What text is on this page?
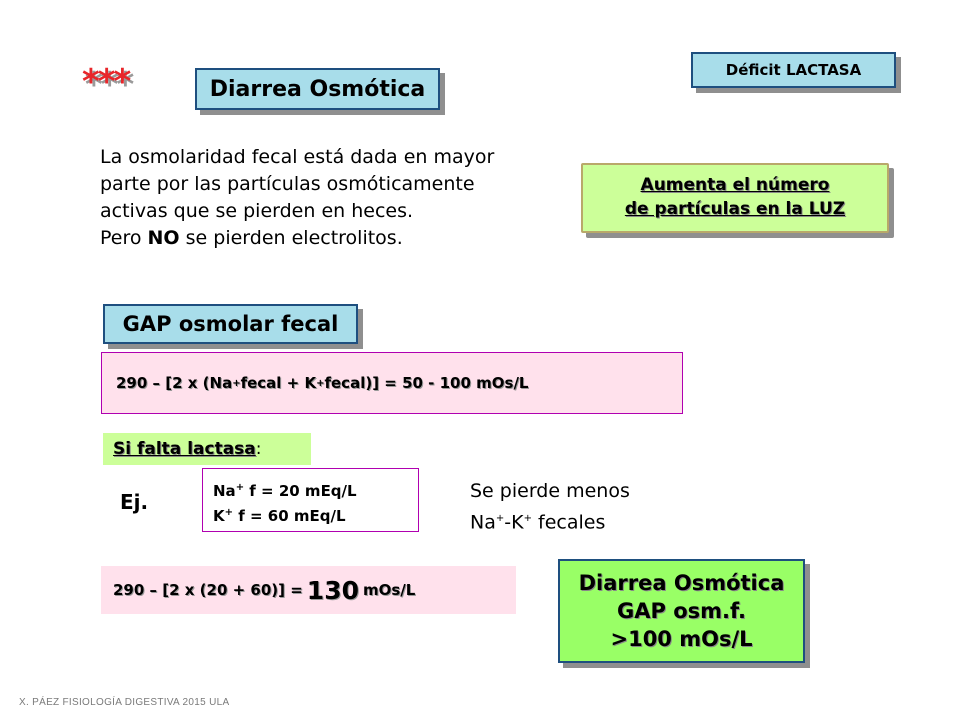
***	Diarrea Osmótica
Déficit LACTASA
La osmolaridad fecal está dada en mayor
parte por las partículas osmóticamente
activas que se pierden en heces.
Pero NO se pierden electrolitos.
Aumenta el número
de partículas en la LUZ
GAP osmolar fecal
290 – [2 x (Na + fecal + K + fecal)] = 50 - 100 mOs/L
Si falta lactasa :
Ej.	Na+ f = 20 mEq/L
K+ f = 60 mEq/L
Se pierde menos
Na+-K+ fecales
290 – [2 x (20 + 60)] = 130 mOs/L	Diarrea Osmótica
GAP osm.f.
>100 mOs/L
X. PÁEZ FISIOLOGÍA DIGESTIVA 2015 ULA
